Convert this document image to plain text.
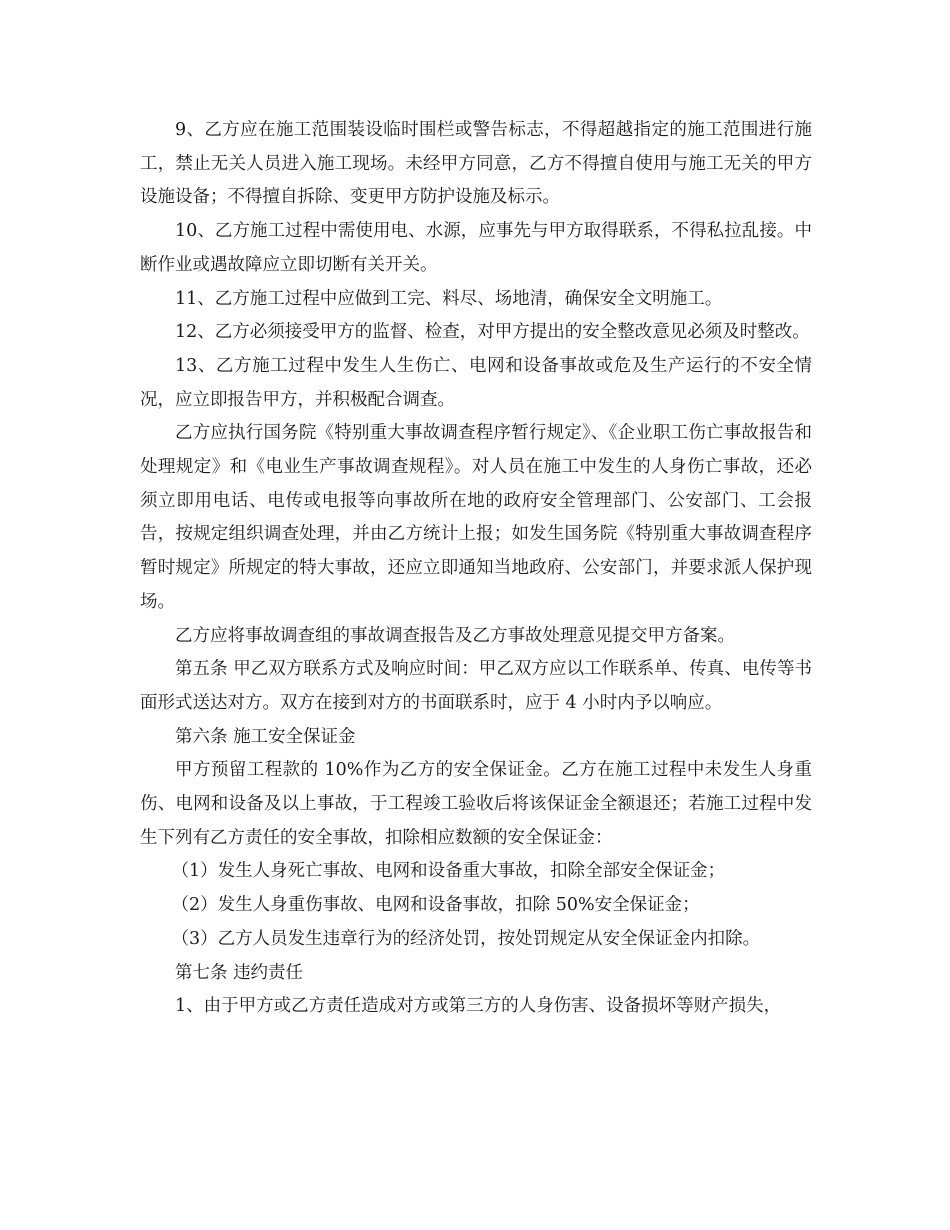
9、乙方应在施工范围装设临时围栏或警告标志，不得超越指定的施工范围进行施工，禁止无关人员进入施工现场。未经甲方同意，乙方不得擅自使用与施工无关的甲方设施设备；不得擅自拆除、变更甲方防护设施及标示。

10、乙方施工过程中需使用电、水源，应事先与甲方取得联系，不得私拉乱接。中断作业或遇故障应立即切断有关开关。

11、乙方施工过程中应做到工完、料尽、场地清，确保安全文明施工。

12、乙方必须接受甲方的监督、检查，对甲方提出的安全整改意见必须及时整改。

13、乙方施工过程中发生人生伤亡、电网和设备事故或危及生产运行的不安全情况，应立即报告甲方，并积极配合调查。

乙方应执行国务院《特别重大事故调查程序暂行规定》、《企业职工伤亡事故报告和处理规定》和《电业生产事故调查规程》。对人员在施工中发生的人身伤亡事故，还必须立即用电话、电传或电报等向事故所在地的政府安全管理部门、公安部门、工会报告，按规定组织调查处理，并由乙方统计上报；如发生国务院《特别重大事故调查程序暂时规定》所规定的特大事故，还应立即通知当地政府、公安部门，并要求派人保护现场。

乙方应将事故调查组的事故调查报告及乙方事故处理意见提交甲方备案。

第五条 甲乙双方联系方式及响应时间：甲乙双方应以工作联系单、传真、电传等书面形式送达对方。双方在接到对方的书面联系时，应于 4 小时内予以响应。

第六条 施工安全保证金

甲方预留工程款的 10%作为乙方的安全保证金。乙方在施工过程中未发生人身重伤、电网和设备及以上事故，于工程竣工验收后将该保证金全额退还；若施工过程中发生下列有乙方责任的安全事故，扣除相应数额的安全保证金：

（1）发生人身死亡事故、电网和设备重大事故，扣除全部安全保证金；

（2）发生人身重伤事故、电网和设备事故，扣除 50%安全保证金；

（3）乙方人员发生违章行为的经济处罚，按处罚规定从安全保证金内扣除。

第七条 违约责任

1、由于甲方或乙方责任造成对方或第三方的人身伤害、设备损坏等财产损失，
